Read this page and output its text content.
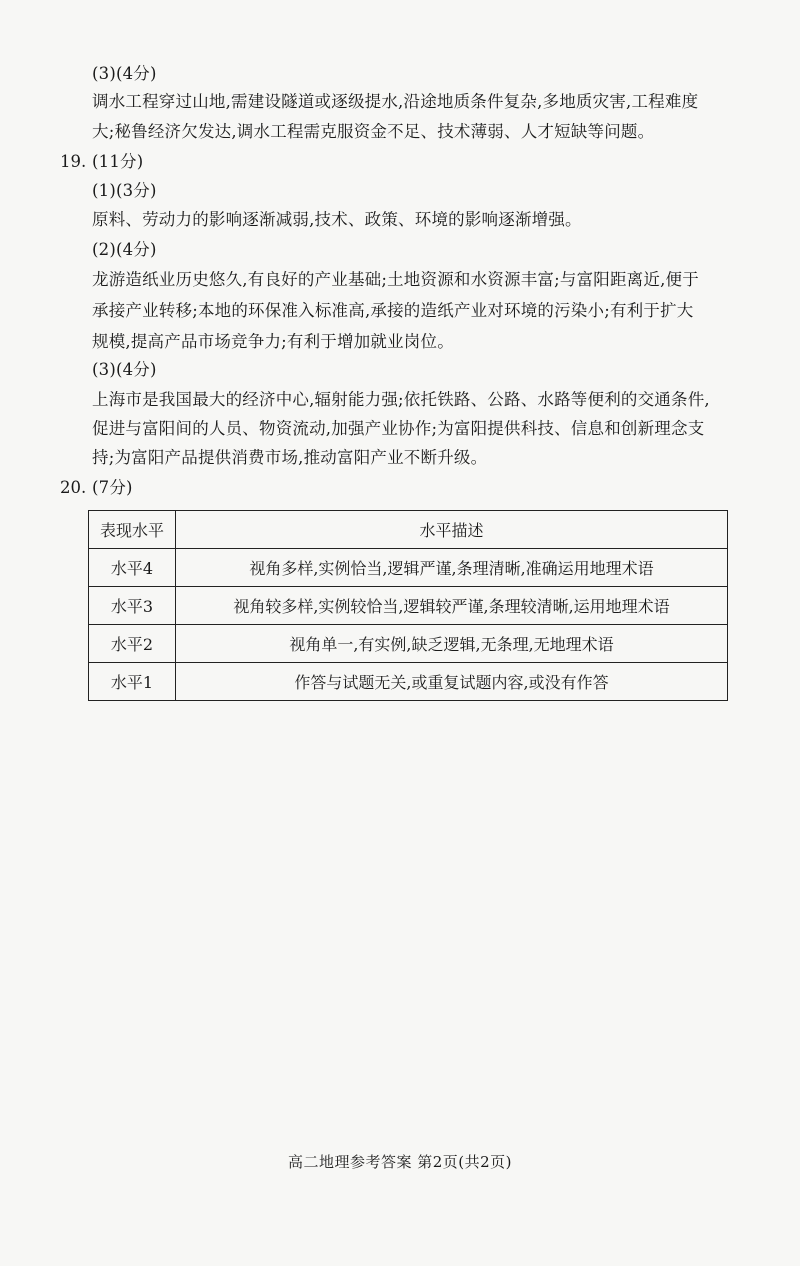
(3)(4分)
调水工程穿过山地,需建设隧道或逐级提水,沿途地质条件复杂,多地质灾害,工程难度
大;秘鲁经济欠发达,调水工程需克服资金不足、技术薄弱、人才短缺等问题。
19. (11分)
(1)(3分)
原料、劳动力的影响逐渐减弱,技术、政策、环境的影响逐渐增强。
(2)(4分)
龙游造纸业历史悠久,有良好的产业基础;土地资源和水资源丰富;与富阳距离近,便于
承接产业转移;本地的环保准入标准高,承接的造纸产业对环境的污染小;有利于扩大
规模,提高产品市场竞争力;有利于增加就业岗位。
(3)(4分)
上海市是我国最大的经济中心,辐射能力强;依托铁路、公路、水路等便利的交通条件,
促进与富阳间的人员、物资流动,加强产业协作;为富阳提供科技、信息和创新理念支
持;为富阳产品提供消费市场,推动富阳产业不断升级。
20. (7分)
表现水平	水平描述
水平4	视角多样,实例恰当,逻辑严谨,条理清晰,准确运用地理术语
水平3	视角较多样,实例较恰当,逻辑较严谨,条理较清晰,运用地理术语
水平2	视角单一,有实例,缺乏逻辑,无条理,无地理术语
水平1	作答与试题无关,或重复试题内容,或没有作答
高二地理参考答案 第2页(共2页)
